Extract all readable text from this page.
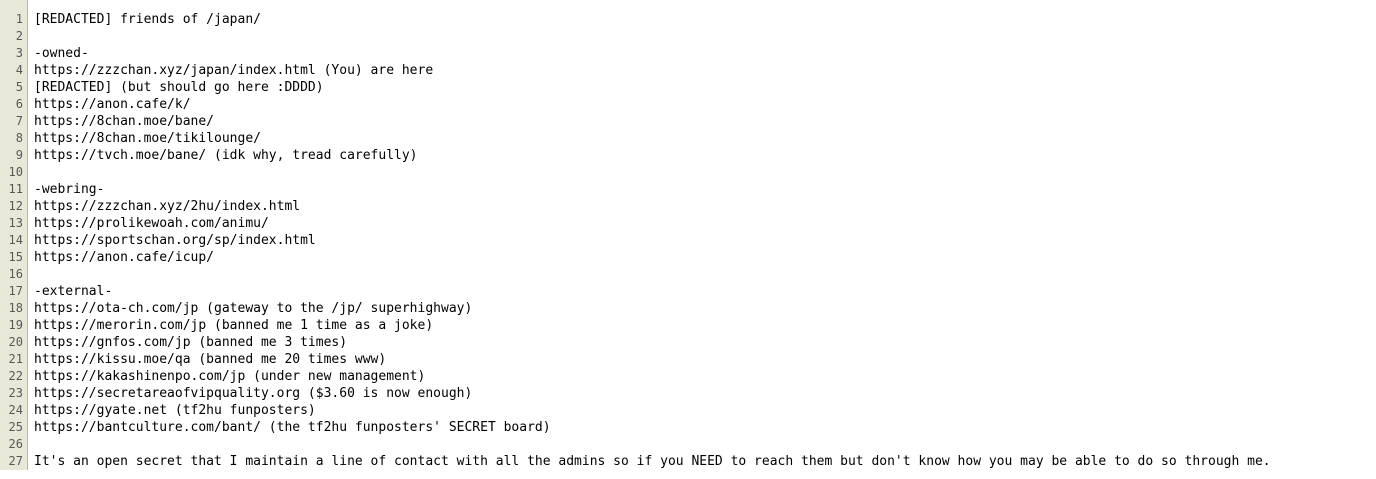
1
2
3
4
5
6
7
8
9
10
11
12
13
14
15
16
17
18
19
20
21
22
23
24
25
26
27
[REDACTED] friends of /japan/
-owned-
https://zzzchan.xyz/japan/index.html (You) are here
[REDACTED] (but should go here :DDDD)
https://anon.cafe/k/
https://8chan.moe/bane/
https://8chan.moe/tikilounge/
https://tvch.moe/bane/ (idk why, tread carefully)
-webring-
https://zzzchan.xyz/2hu/index.html
https://prolikewoah.com/animu/
https://sportschan.org/sp/index.html
https://anon.cafe/icup/
-external-
https://ota-ch.com/jp (gateway to the /jp/ superhighway)
https://merorin.com/jp (banned me 1 time as a joke)
https://gnfos.com/jp (banned me 3 times)
https://kissu.moe/qa (banned me 20 times www)
https://kakashinenpo.com/jp (under new management)
https://secretareaofvipquality.org ($3.60 is now enough)
https://gyate.net (tf2hu funposters)
https://bantculture.com/bant/ (the tf2hu funposters' SECRET board)
It's an open secret that I maintain a line of contact with all the admins so if you NEED to reach them but don't know how you may be able to do so through me.
